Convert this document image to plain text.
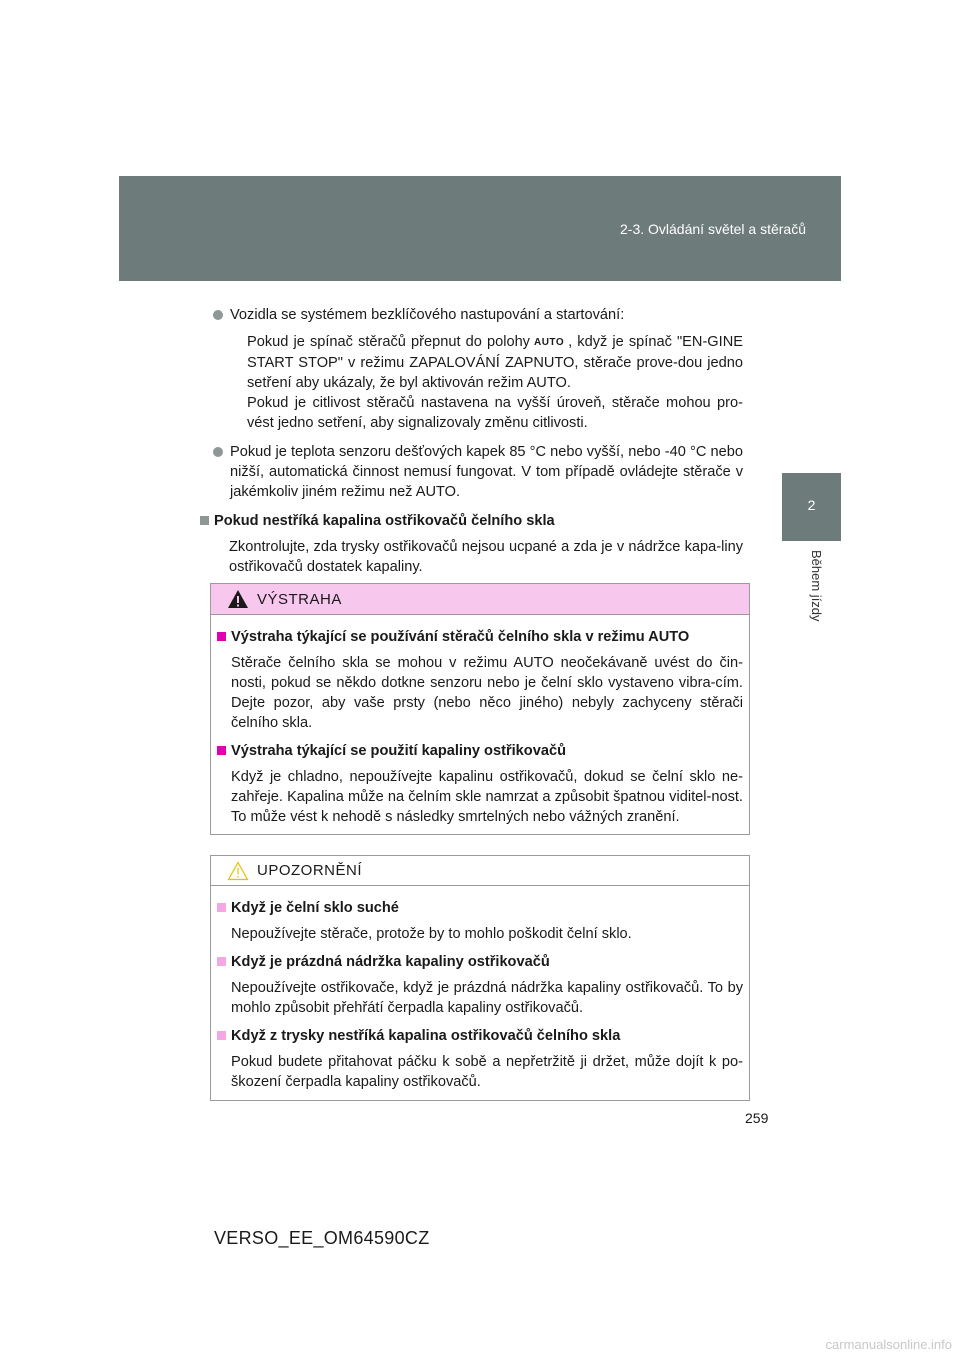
2-3. Ovládání světel a stěračů
2
Během jízdy
Vozidla se systémem bezklíčového nastupování a startování:
Pokud je spínač stěračů přepnut do polohy AUTO , když je spínač "EN-GINE START STOP" v režimu ZAPALOVÁNÍ ZAPNUTO, stěrače prove-dou jedno setření aby ukázaly, že byl aktivován režim AUTO.
Pokud je citlivost stěračů nastavena na vyšší úroveň, stěrače mohou pro-vést jedno setření, aby signalizovaly změnu citlivosti.
Pokud je teplota senzoru dešťových kapek 85 °C nebo vyšší, nebo -40 °C nebo nižší, automatická činnost nemusí fungovat. V tom případě ovládejte stěrače v jakémkoliv jiném režimu než AUTO.
Pokud nestříká kapalina ostřikovačů čelního skla
Zkontrolujte, zda trysky ostřikovačů nejsou ucpané a zda je v nádržce kapa-liny ostřikovačů dostatek kapaliny.
VÝSTRAHA
Výstraha týkající se používání stěračů čelního skla v režimu AUTO
Stěrače čelního skla se mohou v režimu AUTO neočekávaně uvést do čin-nosti, pokud se někdo dotkne senzoru nebo je čelní sklo vystaveno vibra-cím. Dejte pozor, aby vaše prsty (nebo něco jiného) nebyly zachyceny stěrači čelního skla.
Výstraha týkající se použití kapaliny ostřikovačů
Když je chladno, nepoužívejte kapalinu ostřikovačů, dokud se čelní sklo ne-zahřeje. Kapalina může na čelním skle namrzat a způsobit špatnou viditel-nost. To může vést k nehodě s následky smrtelných nebo vážných zranění.
UPOZORNĚNÍ
Když je čelní sklo suché
Nepoužívejte stěrače, protože by to mohlo poškodit čelní sklo.
Když je prázdná nádržka kapaliny ostřikovačů
Nepoužívejte ostřikovače, když je prázdná nádržka kapaliny ostřikovačů. To by mohlo způsobit přehřátí čerpadla kapaliny ostřikovačů.
Když z trysky nestříká kapalina ostřikovačů čelního skla
Pokud budete přitahovat páčku k sobě a nepřetržitě ji držet, může dojít k po-škození čerpadla kapaliny ostřikovačů.
259
VERSO_EE_OM64590CZ
carmanualsonline.info
